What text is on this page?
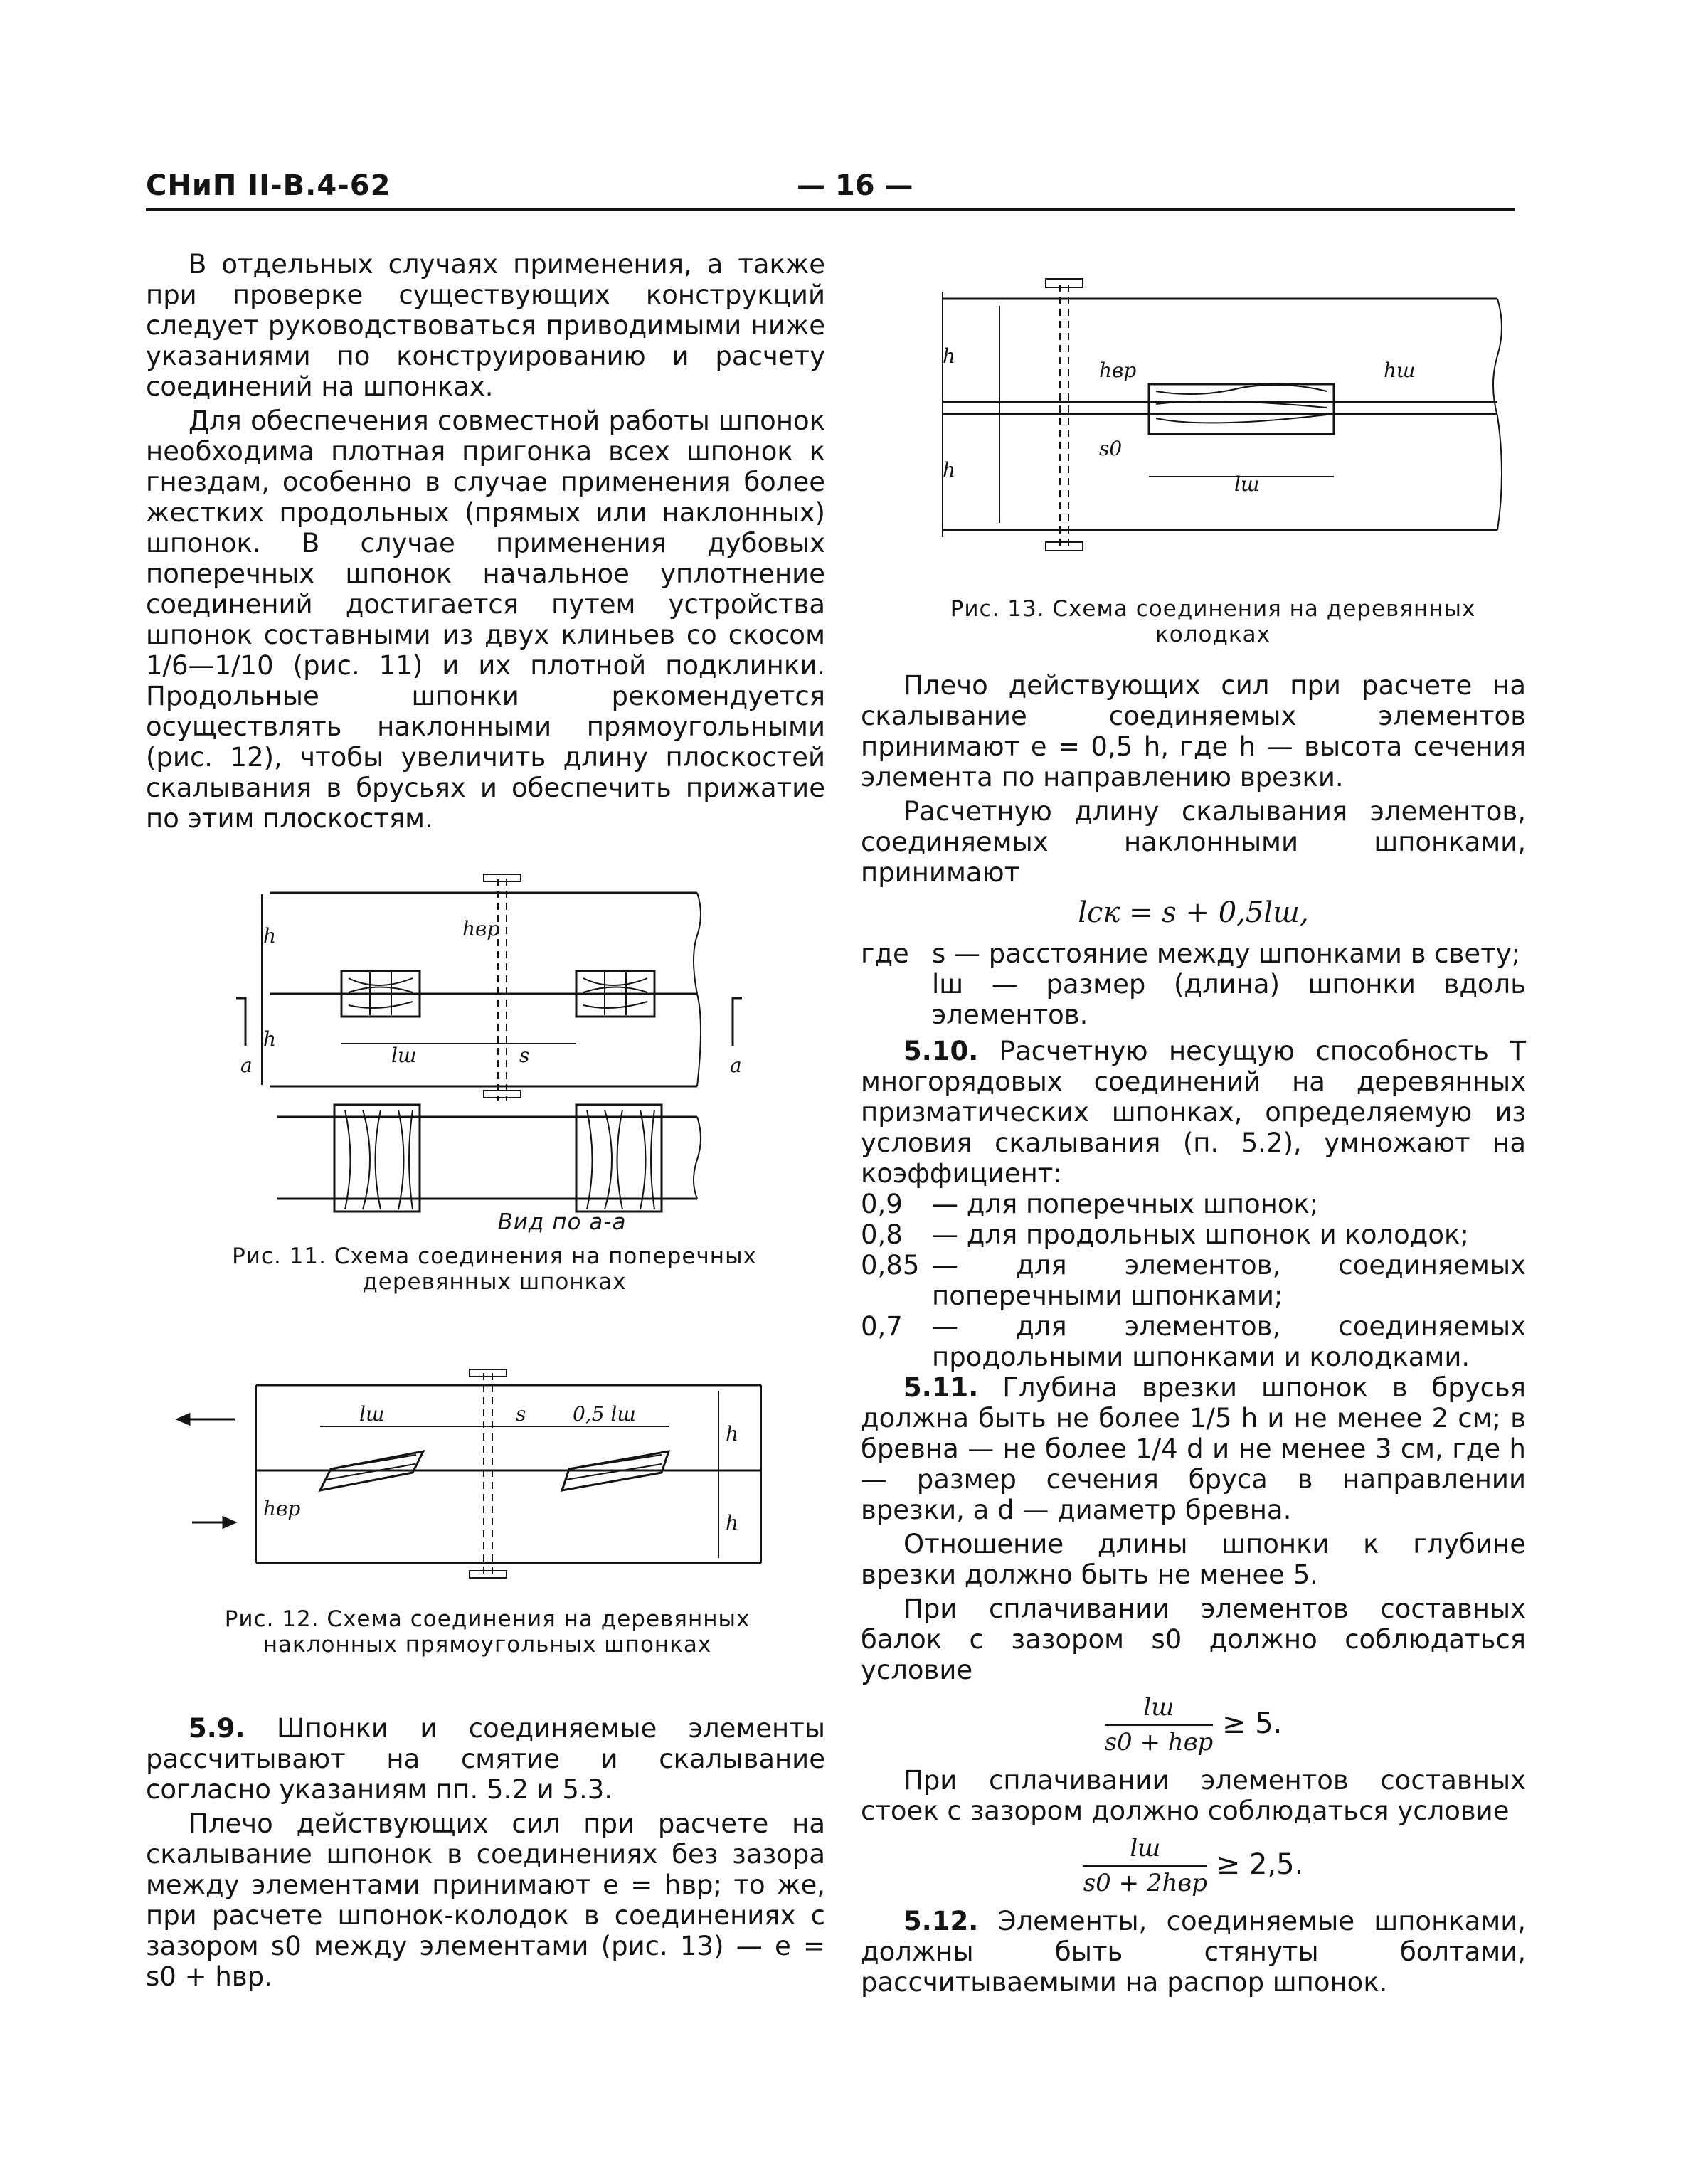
СНиП II-В.4-62	— 16 —

В отдельных случаях применения, а также при проверке существующих конструкций следует руководствоваться приводимыми ниже указаниями по конструированию и расчету соединений на шпонках.

Для обеспечения совместной работы шпонок необходима плотная пригонка всех шпонок к гнездам, особенно в случае применения более жестких продольных (прямых или наклонных) шпонок. В случае применения дубовых поперечных шпонок начальное уплотнение соединений достигается путем устройства шпонок составными из двух клиньев со скосом 1/6—1/10 (рис. 11) и их плотной подклинки. Продольные шпонки рекомендуется осуществлять наклонными прямоугольными (рис. 12), чтобы увеличить длину плоскостей скалывания в брусьях и обеспечить прижатие по этим плоскостям.

а	а
h
h
hвр
lш	s
Вид по а-а
Рис. 11. Схема соединения на поперечных деревянных шпонках
lш	s 0,5 lш
hвр
h
h
Рис. 12. Схема соединения на деревянных наклонных прямоугольных шпонках

5.9. Шпонки и соединяемые элементы рассчитывают на смятие и скалывание согласно указаниям пп. 5.2 и 5.3.

Плечо действующих сил при расчете на скалывание шпонок в соединениях без зазора между элементами принимают e = hвр; то же, при расчете шпонок-колодок в соединениях с зазором s0 между элементами (рис. 13) — e = s0 + hвр.

h
h
hвр
s0
hш
lш
Рис. 13. Схема соединения на деревянных колодках

Плечо действующих сил при расчете на скалывание соединяемых элементов принимают e = 0,5 h, где h — высота сечения элемента по направлению врезки.

Расчетную длину скалывания элементов, соединяемых наклонными шпонками, принимают

lск = s + 0,5lш,
где s — расстояние между шпонками в свету;
lш — размер (длина) шпонки вдоль элементов.

5.10. Расчетную несущую способность T многорядовых соединений на деревянных призматических шпонках, определяемую из условия скалывания (п. 5.2), умножают на коэффициент:

0,9	— для поперечных шпонок;
0,8	— для продольных шпонок и колодок;
0,85 — для элементов, соединяемых поперечными шпонками;
0,7	— для элементов, соединяемых продольными шпонками и колодками.

5.11. Глубина врезки шпонок в брусья должна быть не более 1/5 h и не менее 2 см; в бревна — не более 1/4 d и не менее 3 см, где h — размер сечения бруса в направлении врезки, а d — диаметр бревна.

Отношение длины шпонки к глубине врезки должно быть не менее 5.

При сплачивании элементов составных балок с зазором s0 должно соблюдаться условие

$\frac{lш}{\text{s0 + hвр}} \ge 5$.

При сплачивании элементов составных стоек с зазором должно соблюдаться условие

$\frac{lш}{\text{s0 + 2hвр}} \ge 2,5$.

5.12. Элементы, соединяемые шпонками, должны быть стянуты болтами, рассчитываемыми на распор шпонок.
